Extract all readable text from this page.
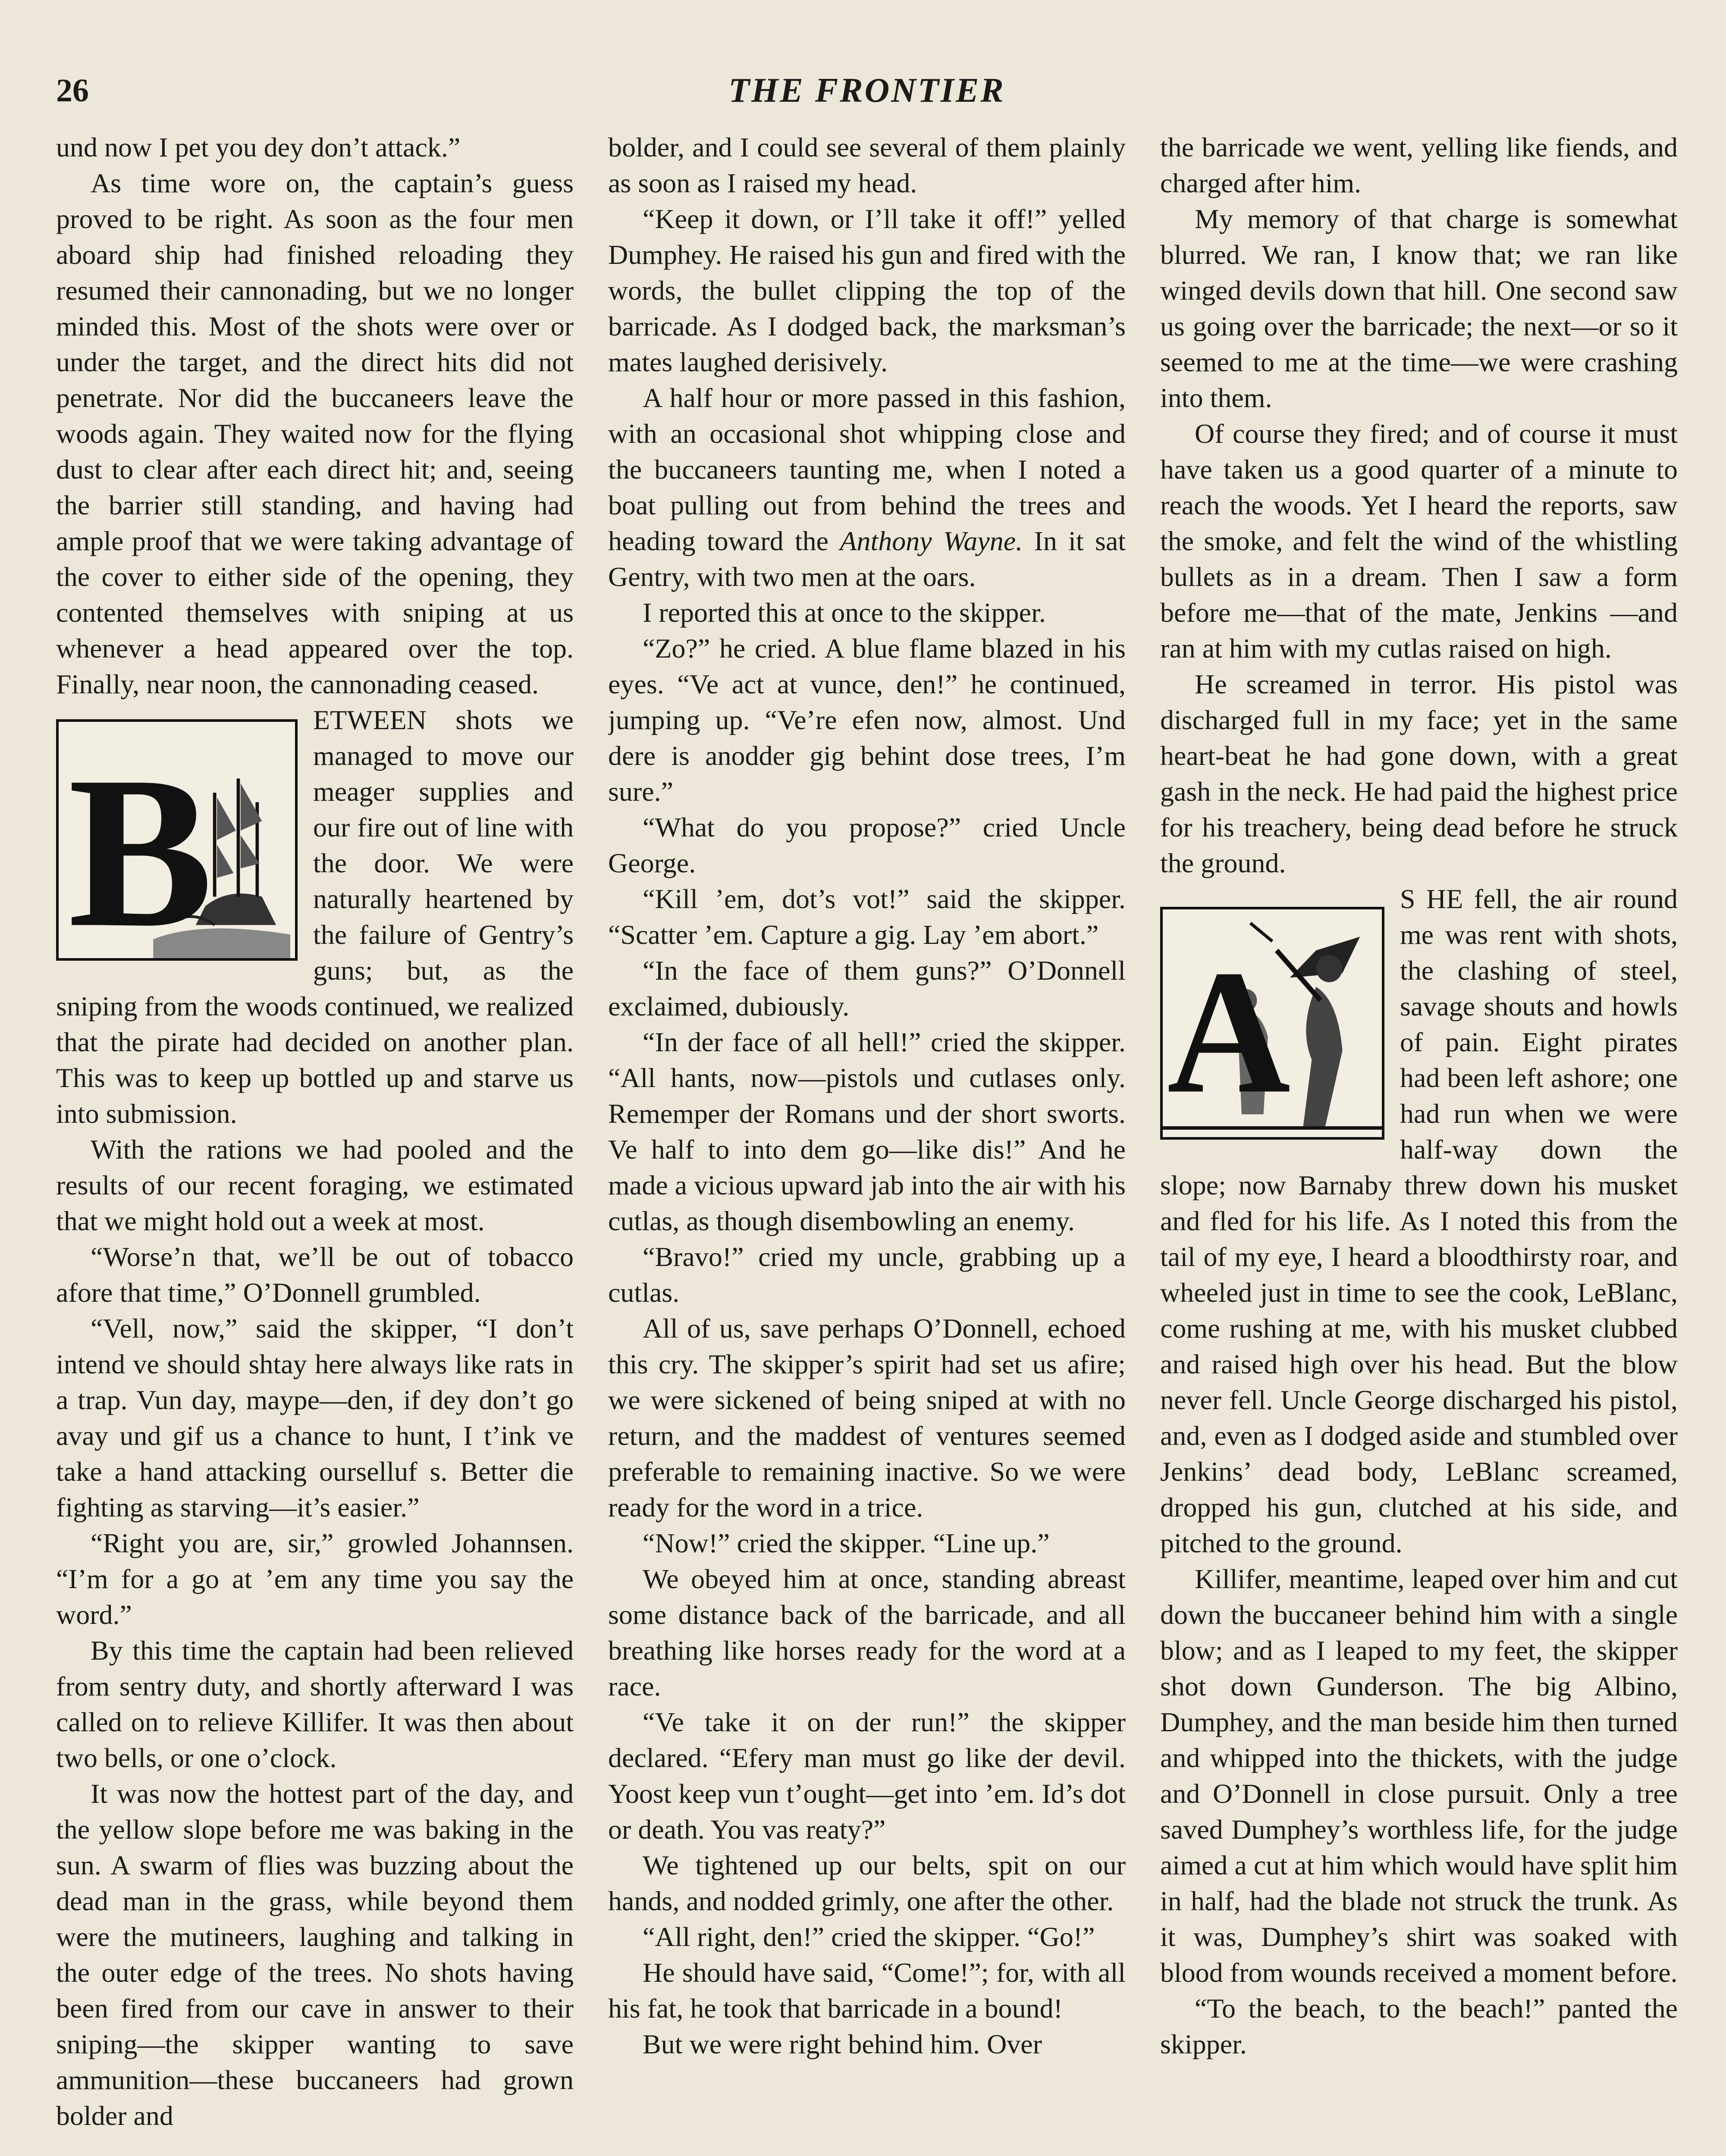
26	THE FRONTIER

und now I pet you dey don’t attack.”

As time wore on, the captain’s guess proved to be right. As soon as the four men aboard ship had finished reloading they resumed their cannonading, but we no longer minded this. Most of the shots were over or under the target, and the direct hits did not penetrate. Nor did the buccaneers leave the woods again. They waited now for the flying dust to clear after each direct hit; and, seeing the barrier still standing, and having had ample proof that we were taking advantage of the cover to either side of the opening, they contented themselves with sniping at us whenever a head appeared over the top. Finally, near noon, the cannonading ceased.

B

ETWEEN shots we managed to move our meager supplies and our fire out of line with the door. We were naturally heartened by the failure of Gentry’s guns; but, as the sniping from the woods continued, we realized that the pirate had decided on another plan. This was to keep up bottled up and starve us into submission.

With the rations we had pooled and the results of our recent foraging, we estimated that we might hold out a week at most.

“Worse’n that, we’ll be out of tobacco afore that time,” O’Donnell grumbled.

“Vell, now,” said the skipper, “I don’t intend ve should shtay here always like rats in a trap. Vun day, maype—den, if dey don’t go avay und gif us a chance to hunt, I t’ink ve take a hand attacking ourselluf s. Better die fighting as starving—it’s easier.”

“Right you are, sir,” growled Johannsen. “I’m for a go at ’em any time you say the word.”

By this time the captain had been relieved from sentry duty, and shortly afterward I was called on to relieve Killifer. It was then about two bells, or one o’clock.

It was now the hottest part of the day, and the yellow slope before me was baking in the sun. A swarm of flies was buzzing about the dead man in the grass, while beyond them were the mutineers, laughing and talking in the outer edge of the trees. No shots having been fired from our cave in answer to their sniping—the skipper wanting to save ammunition—these buccaneers had grown bolder and

bolder, and I could see several of them plainly as soon as I raised my head.

“Keep it down, or I’ll take it off!” yelled Dumphey. He raised his gun and fired with the words, the bullet clipping the top of the barricade. As I dodged back, the marksman’s mates laughed derisively.

A half hour or more passed in this fashion, with an occasional shot whipping close and the buccaneers taunting me, when I noted a boat pulling out from behind the trees and heading toward the Anthony Wayne. In it sat Gentry, with two men at the oars.

I reported this at once to the skipper.

“Zo?” he cried. A blue flame blazed in his eyes. “Ve act at vunce, den!” he continued, jumping up. “Ve’re efen now, almost. Und dere is anodder gig behint dose trees, I’m sure.”

“What do you propose?” cried Uncle George.

“Kill ’em, dot’s vot!” said the skipper. “Scatter ’em. Capture a gig. Lay ’em abort.”

“In the face of them guns?” O’Donnell exclaimed, dubiously.

“In der face of all hell!” cried the skipper. “All hants, now—pistols und cutlases only. Rememper der Romans und der short sworts. Ve half to into dem go—like dis!” And he made a vicious upward jab into the air with his cutlas, as though disembowling an enemy.

“Bravo!” cried my uncle, grabbing up a cutlas.

All of us, save perhaps O’Donnell, echoed this cry. The skipper’s spirit had set us afire; we were sickened of being sniped at with no return, and the maddest of ventures seemed preferable to remaining inactive. So we were ready for the word in a trice.

“Now!” cried the skipper. “Line up.”

We obeyed him at once, standing abreast some distance back of the barricade, and all breathing like horses ready for the word at a race.

“Ve take it on der run!” the skipper declared. “Efery man must go like der devil. Yoost keep vun t’ought—get into ’em. Id’s dot or death. You vas reaty?”

We tightened up our belts, spit on our hands, and nodded grimly, one after the other.

“All right, den!” cried the skipper. “Go!”

He should have said, “Come!”; for, with all his fat, he took that barricade in a bound!

But we were right behind him. Over

the barricade we went, yelling like fiends, and charged after him.

My memory of that charge is somewhat blurred. We ran, I know that; we ran like winged devils down that hill. One second saw us going over the barricade; the next—or so it seemed to me at the time—we were crashing into them.

Of course they fired; and of course it must have taken us a good quarter of a minute to reach the woods. Yet I heard the reports, saw the smoke, and felt the wind of the whistling bullets as in a dream. Then I saw a form before me—that of the mate, Jenkins —and ran at him with my cutlas raised on high.

He screamed in terror. His pistol was discharged full in my face; yet in the same heart-beat he had gone down, with a great gash in the neck. He had paid the highest price for his treachery, being dead before he struck the ground.

A

S HE fell, the air round me was rent with shots, the clashing of steel, savage shouts and howls of pain. Eight pirates had been left ashore; one had run when we were half-way down the slope; now Barnaby threw down his musket and fled for his life. As I noted this from the tail of my eye, I heard a bloodthirsty roar, and wheeled just in time to see the cook, LeBlanc, come rushing at me, with his musket clubbed and raised high over his head. But the blow never fell. Uncle George discharged his pistol, and, even as I dodged aside and stumbled over Jenkins’ dead body, LeBlanc screamed, dropped his gun, clutched at his side, and pitched to the ground.

Killifer, meantime, leaped over him and cut down the buccaneer behind him with a single blow; and as I leaped to my feet, the skipper shot down Gunderson. The big Albino, Dumphey, and the man beside him then turned and whipped into the thickets, with the judge and O’Donnell in close pursuit. Only a tree saved Dumphey’s worthless life, for the judge aimed a cut at him which would have split him in half, had the blade not struck the trunk. As it was, Dumphey’s shirt was soaked with blood from wounds received a moment before.

“To the beach, to the beach!” panted the skipper.
